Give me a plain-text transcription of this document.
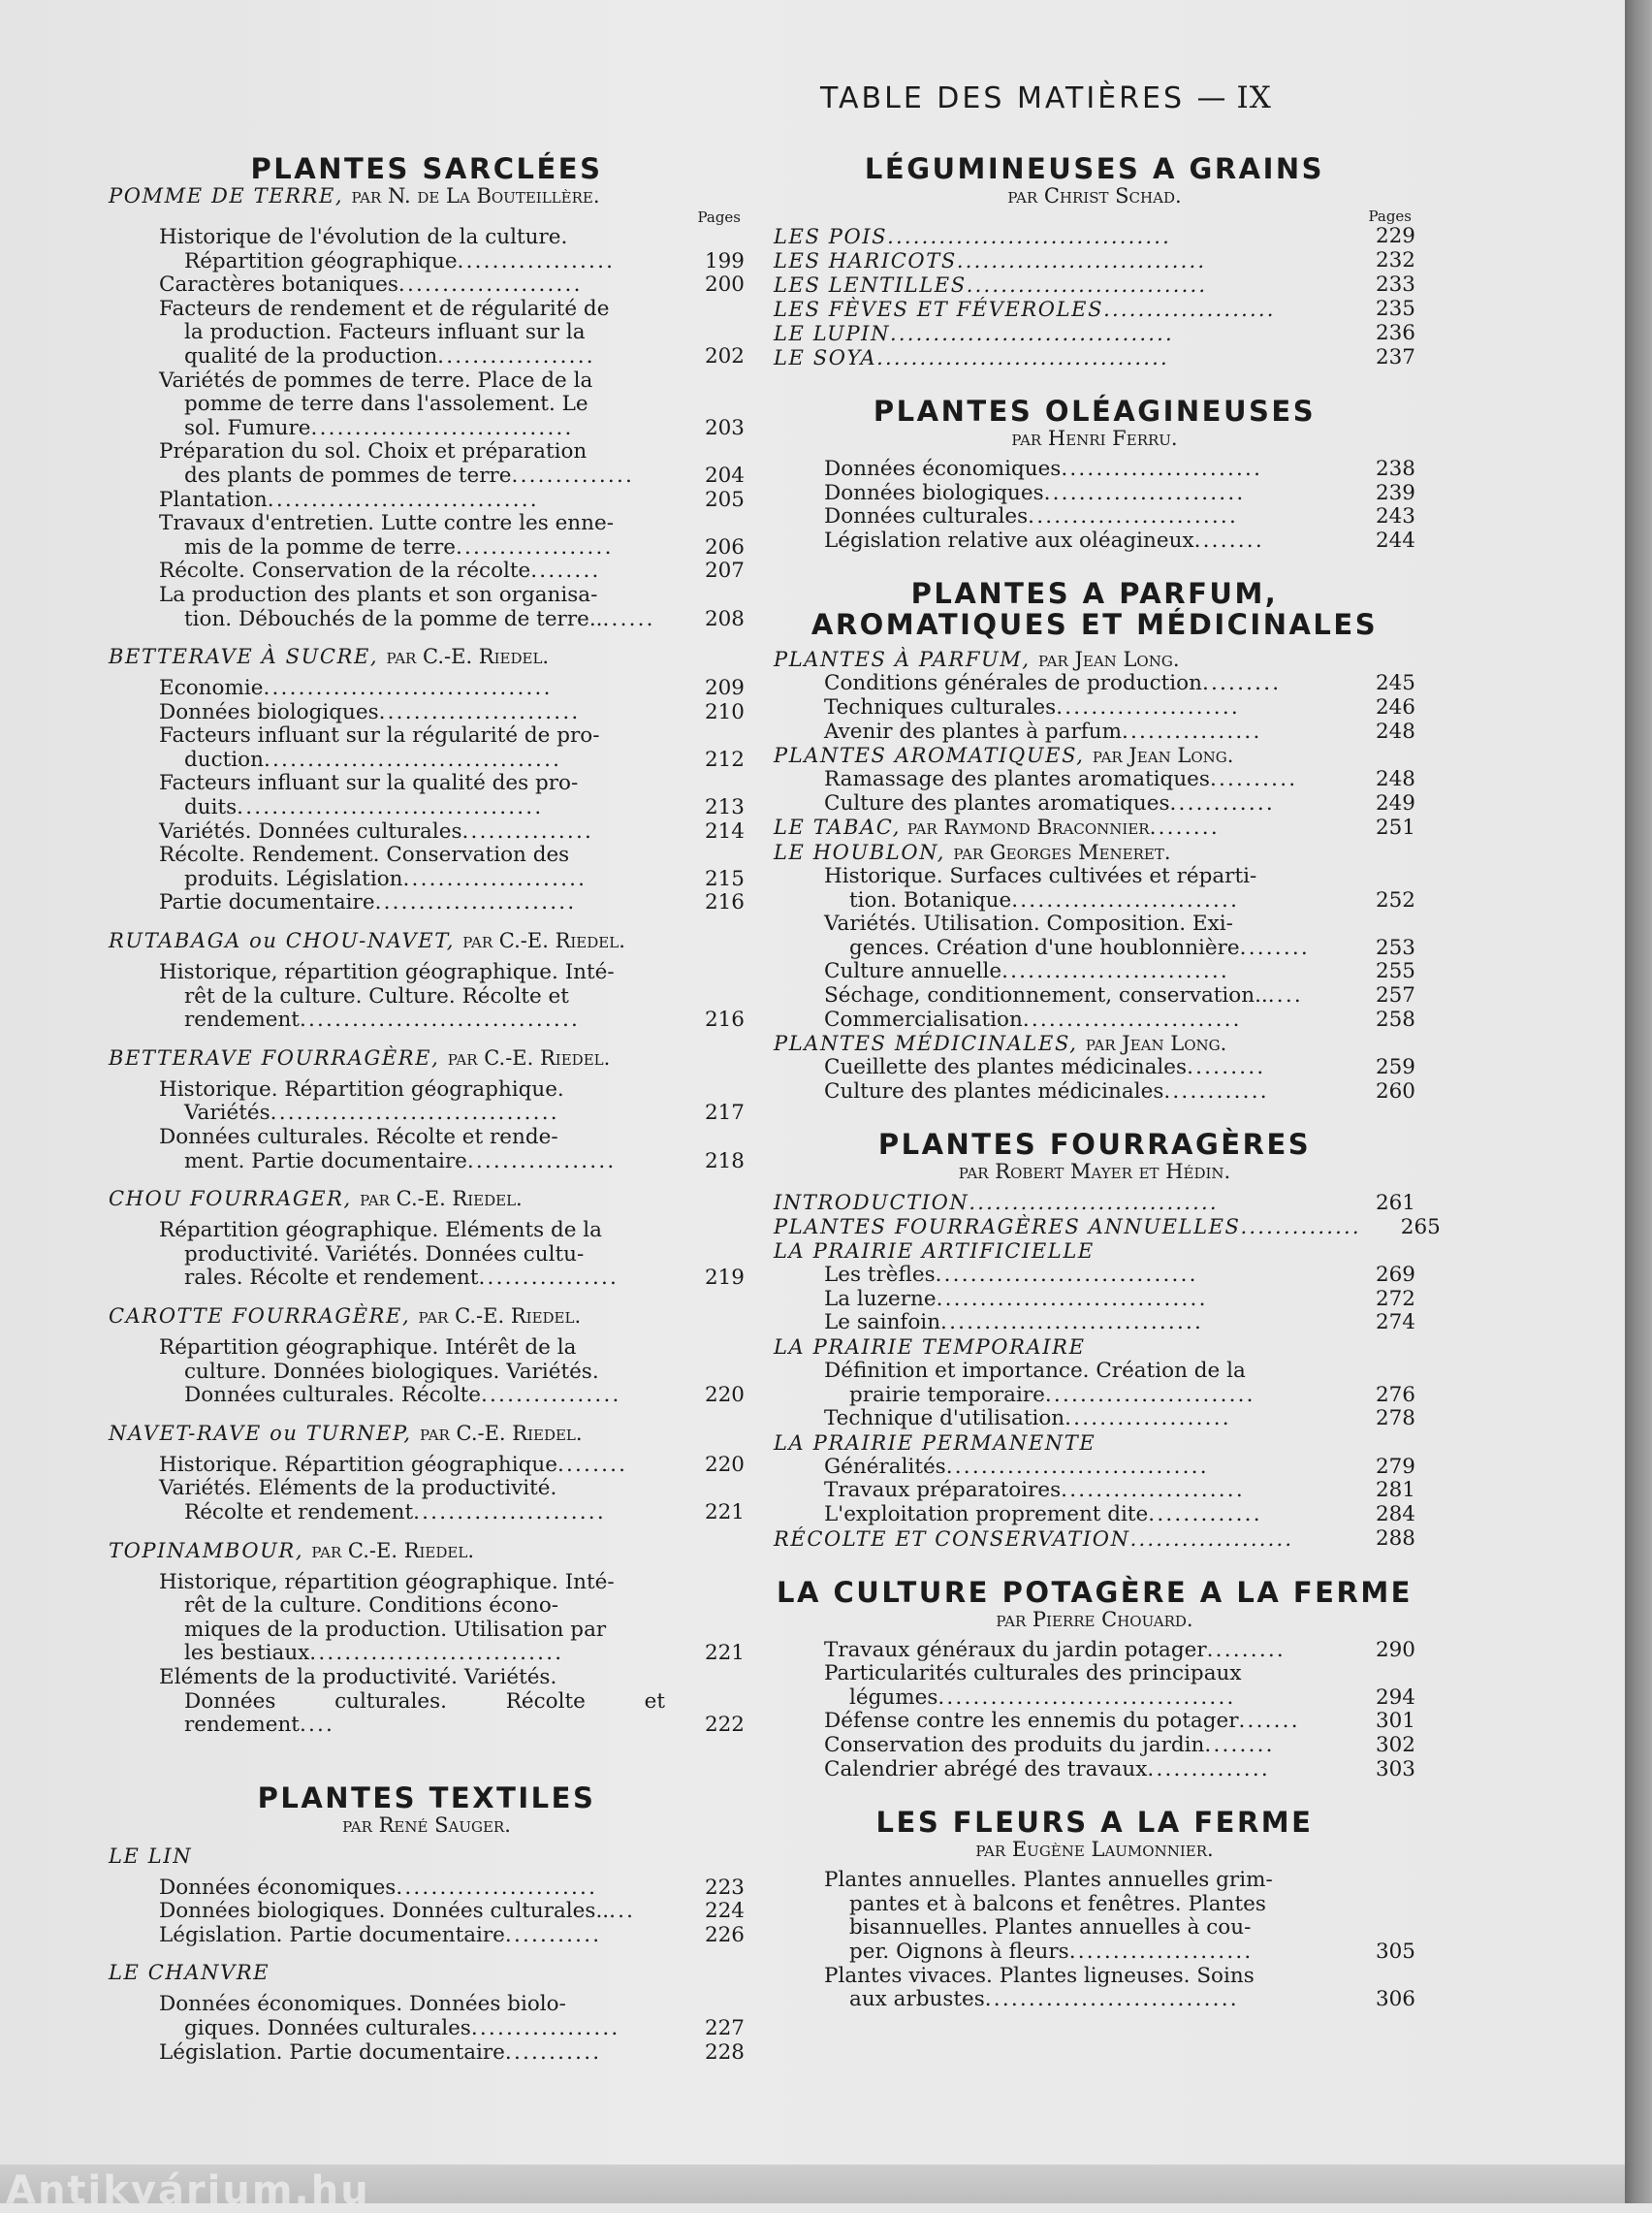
Antikvárium.hu
TABLE DES MATIÈRES — IX
PLANTES SARCLÉES
POMME DE TERRE, par N. de La Bouteillère.
Pages
Historique de l'évolution de la culture.
Répartition géographique..................	199
Caractères botaniques.....................	200
Facteurs de rendement et de régularité de
la production. Facteurs influant sur la
qualité de la production..................	202
Variétés de pommes de terre. Place de la
pomme de terre dans l'assolement. Le
sol. Fumure..............................	203
Préparation du sol. Choix et préparation
des plants de pommes de terre..............	204
Plantation...............................	205
Travaux d'entretien. Lutte contre les enne-
mis de la pomme de terre..................	206
Récolte. Conservation de la récolte........	207
La production des plants et son organisa-
tion. Débouchés de la pomme de terre........	208
BETTERAVE À SUCRE, par C.-E. Riedel.
Economie.................................	209
Données biologiques.......................	210
Facteurs influant sur la régularité de pro-
duction..................................	212
Facteurs influant sur la qualité des pro-
duits...................................	213
Variétés. Données culturales...............	214
Récolte. Rendement. Conservation des
produits. Législation.....................	215
Partie documentaire.......................	216
RUTABAGA ou CHOU-NAVET, par C.-E. Riedel.
Historique, répartition géographique. Inté-
rêt de la culture. Culture. Récolte et
rendement................................	216
BETTERAVE FOURRAGÈRE, par C.-E. Riedel.
Historique. Répartition géographique.
Variétés.................................	217
Données culturales. Récolte et rende-
ment. Partie documentaire.................	218
CHOU FOURRAGER, par C.-E. Riedel.
Répartition géographique. Eléments de la
productivité. Variétés. Données cultu-
rales. Récolte et rendement................	219
CAROTTE FOURRAGÈRE, par C.-E. Riedel.
Répartition géographique. Intérêt de la
culture. Données biologiques. Variétés.
Données culturales. Récolte................	220
NAVET-RAVE ou TURNEP, par C.-E. Riedel.
Historique. Répartition géographique........	220
Variétés. Eléments de la productivité.
Récolte et rendement......................	221
TOPINAMBOUR, par C.-E. Riedel.
Historique, répartition géographique. Inté-
rêt de la culture. Conditions écono-
miques de la production. Utilisation par
les bestiaux.............................	221
Eléments de la productivité. Variétés.
Données culturales. Récolte et rendement....	222
PLANTES TEXTILES
par René Sauger.
LE LIN
Données économiques.......................	223
Données biologiques. Données culturales.....	224
Législation. Partie documentaire...........	226
LE CHANVRE
Données économiques. Données biolo-
giques. Données culturales.................	227
Législation. Partie documentaire...........	228
LÉGUMINEUSES A GRAINS
par Christ Schad.
Pages
LES POIS.................................	229
LES HARICOTS.............................	232
LES LENTILLES............................	233
LES FÈVES ET FÉVEROLES....................	235
LE LUPIN.................................	236
LE SOYA..................................	237
PLANTES OLÉAGINEUSES
par Henri Ferru.
Données économiques.......................	238
Données biologiques.......................	239
Données culturales........................	243
Législation relative aux oléagineux........	244
PLANTES A PARFUM,
AROMATIQUES ET MÉDICINALES
PLANTES À PARFUM, par Jean Long.
Conditions générales de production.........	245
Techniques culturales.....................	246
Avenir des plantes à parfum................	248
PLANTES AROMATIQUES, par Jean Long.
Ramassage des plantes aromatiques..........	248
Culture des plantes aromatiques............	249
LE TABAC, par Raymond Braconnier........	251
LE HOUBLON, par Georges Meneret.
Historique. Surfaces cultivées et réparti-
tion. Botanique..........................	252
Variétés. Utilisation. Composition. Exi-
gences. Création d'une houblonnière........	253
Culture annuelle..........................	255
Séchage, conditionnement, conservation......	257
Commercialisation.........................	258
PLANTES MÉDICINALES, par Jean Long.
Cueillette des plantes médicinales.........	259
Culture des plantes médicinales............	260
PLANTES FOURRAGÈRES
par Robert Mayer et Hédin.
INTRODUCTION.............................	261
PLANTES FOURRAGÈRES ANNUELLES..............	265
LA PRAIRIE ARTIFICIELLE
Les trèfles..............................	269
La luzerne...............................	272
Le sainfoin..............................	274
LA PRAIRIE TEMPORAIRE
Définition et importance. Création de la
prairie temporaire........................	276
Technique d'utilisation...................	278
LA PRAIRIE PERMANENTE
Généralités..............................	279
Travaux préparatoires.....................	281
L'exploitation proprement dite.............	284
RÉCOLTE ET CONSERVATION...................	288
LA CULTURE POTAGÈRE A LA FERME
par Pierre Chouard.
Travaux généraux du jardin potager.........	290
Particularités culturales des principaux
légumes..................................	294
Défense contre les ennemis du potager.......	301
Conservation des produits du jardin........	302
Calendrier abrégé des travaux..............	303
LES FLEURS A LA FERME
par Eugène Laumonnier.
Plantes annuelles. Plantes annuelles grim-
pantes et à balcons et fenêtres. Plantes
bisannuelles. Plantes annuelles à cou-
per. Oignons à fleurs.....................	305
Plantes vivaces. Plantes ligneuses. Soins
aux arbustes.............................	306
